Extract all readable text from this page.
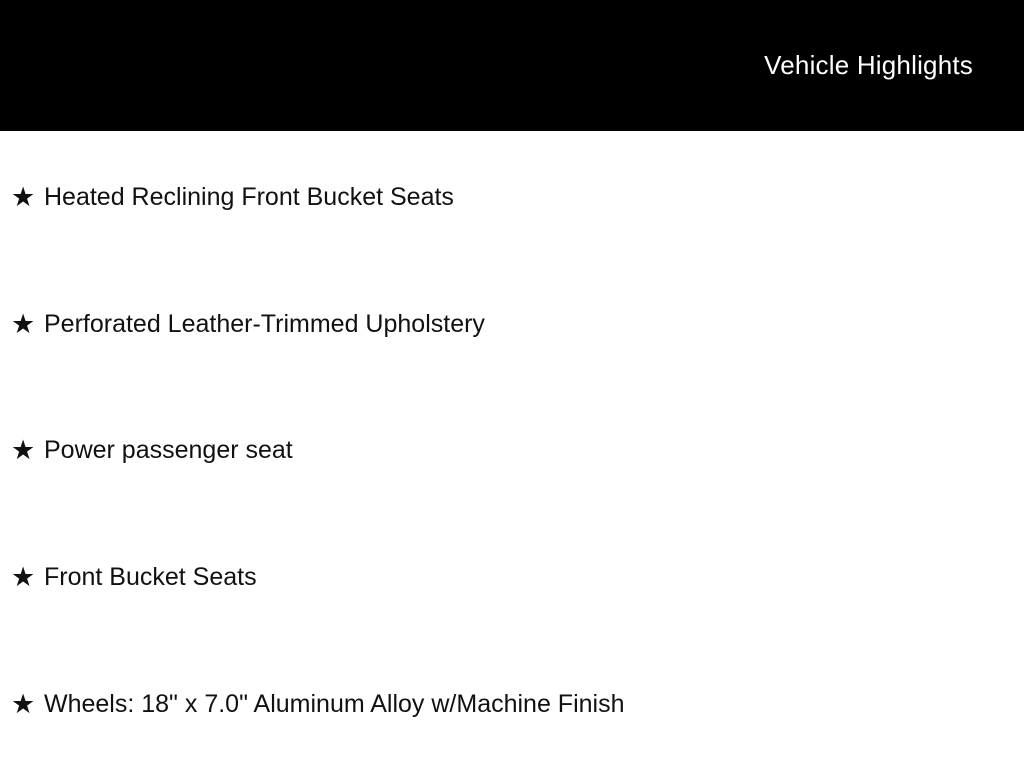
Vehicle Highlights
★ Heated Reclining Front Bucket Seats
★ Perforated Leather-Trimmed Upholstery
★ Power passenger seat
★ Front Bucket Seats
★ Wheels: 18" x 7.0" Aluminum Alloy w/Machine Finish
